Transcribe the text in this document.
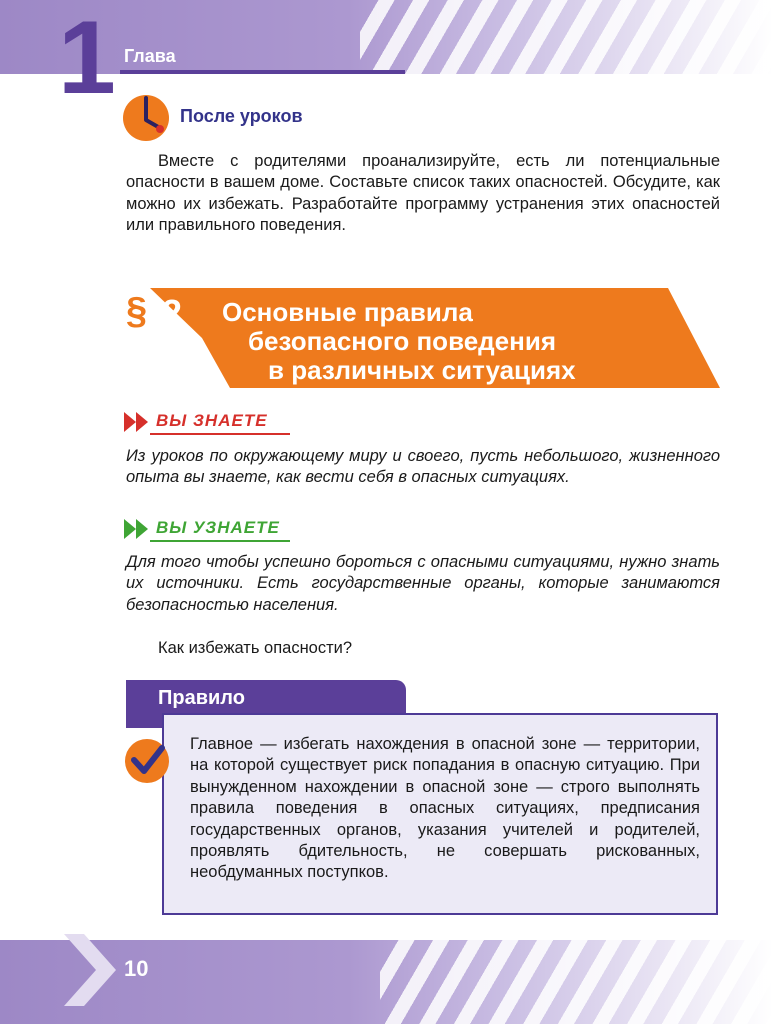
1 Глава
После уроков
Вместе с родителями проанализируйте, есть ли потенциальные опасности в вашем доме. Составьте список таких опасностей. Обсудите, как можно их избежать. Разработайте программу устранения этих опасностей или правильного поведения.
§ 2 Основные правила
безопасного поведения
в различных ситуациях
ВЫ ЗНАЕТЕ
Из уроков по окружающему миру и своего, пусть небольшого, жизненного опыта вы знаете, как вести себя в опасных ситуациях.
ВЫ УЗНАЕТЕ
Для того чтобы успешно бороться с опасными ситуациями, нужно знать их источники. Есть государственные органы, которые занимаются безопасностью населения.
Как избежать опасности?
Правило
Главное — избегать нахождения в опасной зоне — территории, на которой существует риск попадания в опасную ситуацию. При вынужденном нахождении в опасной зоне — строго выполнять правила поведения в опасных ситуациях, предписания государственных органов, указания учителей и родителей, проявлять бдительность, не совершать рискованных, необдуманных поступков.
10
